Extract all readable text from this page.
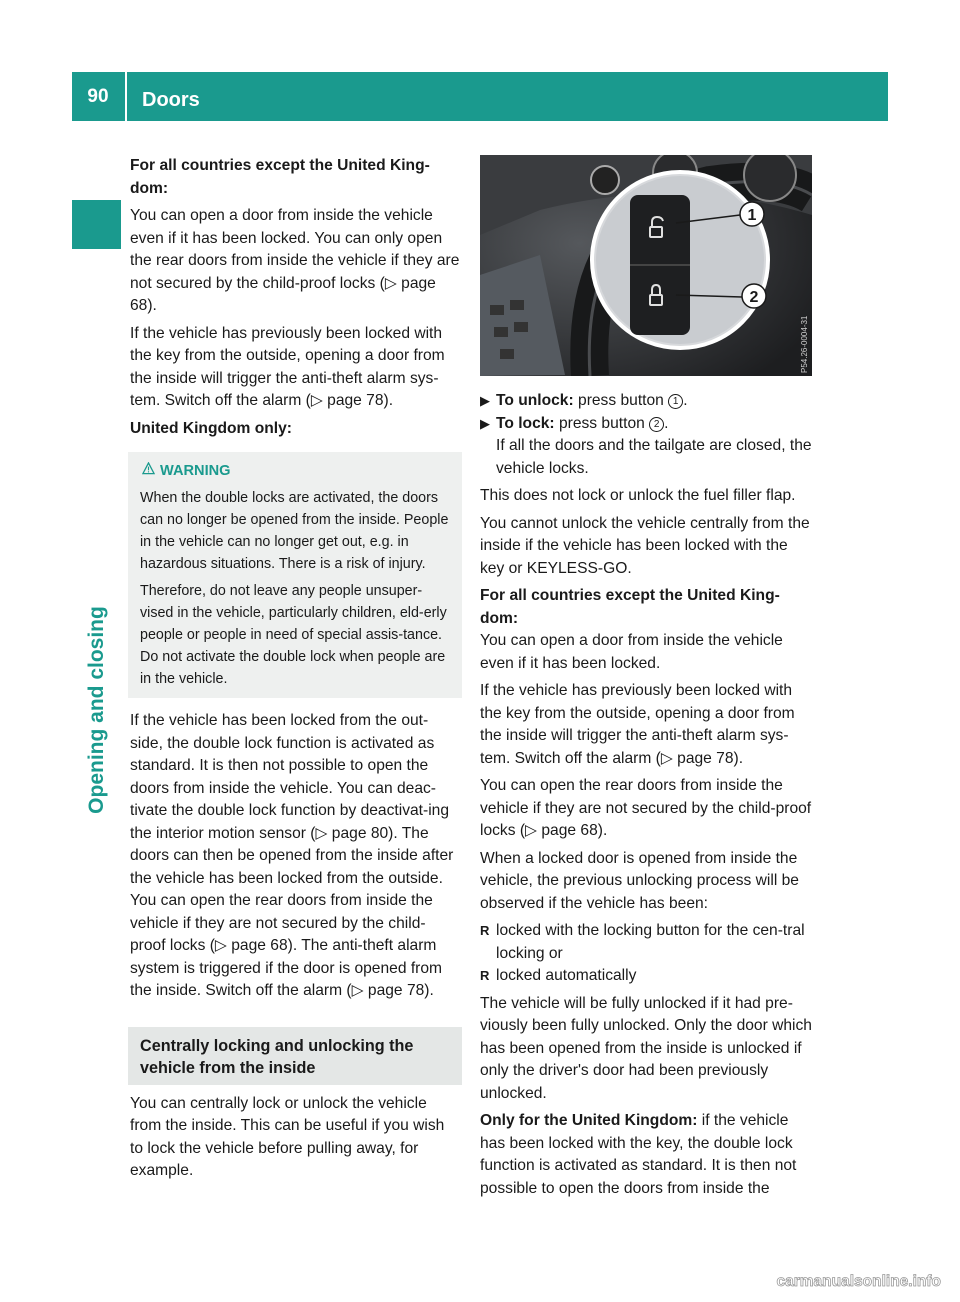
90	Doors
Opening and closing

For all countries except the United King-dom:

You can open a door from inside the vehicle even if it has been locked. You can only open the rear doors from inside the vehicle if they are not secured by the child-proof locks (▷ page 68).

If the vehicle has previously been locked with the key from the outside, opening a door from the inside will trigger the anti-theft alarm sys-tem. Switch off the alarm (▷ page 78).

United Kingdom only:

WARNING

When the double locks are activated, the doors can no longer be opened from the inside. People in the vehicle can no longer get out, e.g. in hazardous situations. There is a risk of injury.

Therefore, do not leave any people unsuper-vised in the vehicle, particularly children, eld-erly people or people in need of special assis-tance. Do not activate the double lock when people are in the vehicle.

If the vehicle has been locked from the out-side, the double lock function is activated as standard. It is then not possible to open the doors from inside the vehicle. You can deac-tivate the double lock function by deactivat-ing the interior motion sensor (▷ page 80). The doors can then be opened from the inside after the vehicle has been locked from the outside. You can open the rear doors from inside the vehicle if they are not secured by the child-proof locks (▷ page 68). The anti-theft alarm system is triggered if the door is opened from the inside. Switch off the alarm (▷ page 78).

Centrally locking and unlocking the vehicle from the inside

You can centrally lock or unlock the vehicle from the inside. This can be useful if you wish to lock the vehicle before pulling away, for example.

1
2
P54.26-0004-31

▶ To unlock: press button 1 .

▶ To lock: press button 2 .

If all the doors and the tailgate are closed, the vehicle locks.

This does not lock or unlock the fuel filler flap.

You cannot unlock the vehicle centrally from the inside if the vehicle has been locked with the key or KEYLESS-GO.

For all countries except the United King-dom:

You can open a door from inside the vehicle even if it has been locked.

If the vehicle has previously been locked with the key from the outside, opening a door from the inside will trigger the anti-theft alarm sys-tem. Switch off the alarm (▷ page 78).

You can open the rear doors from inside the vehicle if they are not secured by the child-proof locks (▷ page 68).

When a locked door is opened from inside the vehicle, the previous unlocking process will be observed if the vehicle has been:

R locked with the locking button for the cen-tral locking or

R locked automatically

The vehicle will be fully unlocked if it had pre-viously been fully unlocked. Only the door which has been opened from the inside is unlocked if only the driver's door had been previously unlocked.

Only for the United Kingdom: if the vehicle has been locked with the key, the double lock function is activated as standard. It is then not possible to open the doors from inside the

carmanualsonline.info
